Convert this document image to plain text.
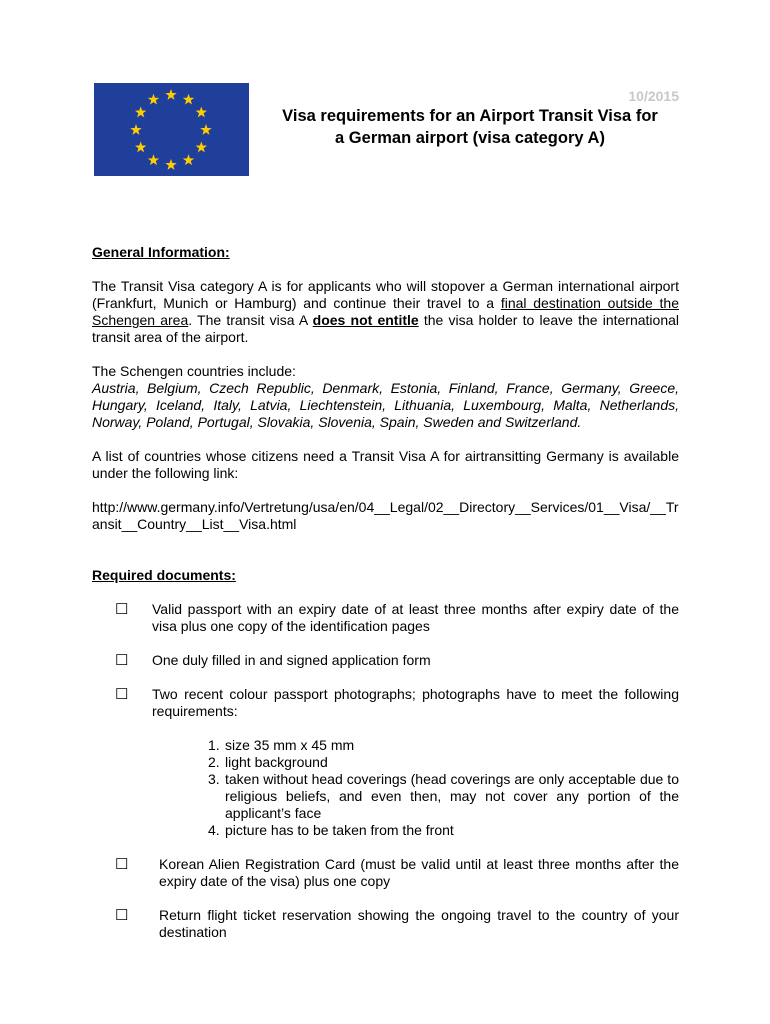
10/2015
Visa requirements for an Airport Transit Visa for
a German airport (visa category A)

General Information:

The Transit Visa category A is for applicants who will stopover a German international airport (Frankfurt, Munich or Hamburg) and continue their travel to a final destination outside the Schengen area. The transit visa A does not entitle the visa holder to leave the international transit area of the airport.

The Schengen countries include:

Austria, Belgium, Czech Republic, Denmark, Estonia, Finland, France, Germany, Greece, Hungary, Iceland, Italy, Latvia, Liechtenstein, Lithuania, Luxembourg, Malta, Netherlands, Norway, Poland, Portugal, Slovakia, Slovenia, Spain, Sweden and Switzerland.

A list of countries whose citizens need a Transit Visa A for airtransitting Germany is available under the following link:

http://www.germany.info/Vertretung/usa/en/04__Legal/02__Directory__Services/01__Visa/__Transit__Country__List__Visa.html

Required documents:

☐	Valid passport with an expiry date of at least three months after expiry date of the visa plus one copy of the identification pages
☐	One duly filled in and signed application form
☐	Two recent colour passport photographs; photographs have to meet the following requirements:
1. size 35 mm x 45 mm
2. light background
3. taken without head coverings (head coverings are only acceptable due to religious beliefs, and even then, may not cover any portion of the applicant’s face
4. picture has to be taken from the front
☐	Korean Alien Registration Card (must be valid until at least three months after the expiry date of the visa) plus one copy
☐	Return flight ticket reservation showing the ongoing travel to the country of your destination
